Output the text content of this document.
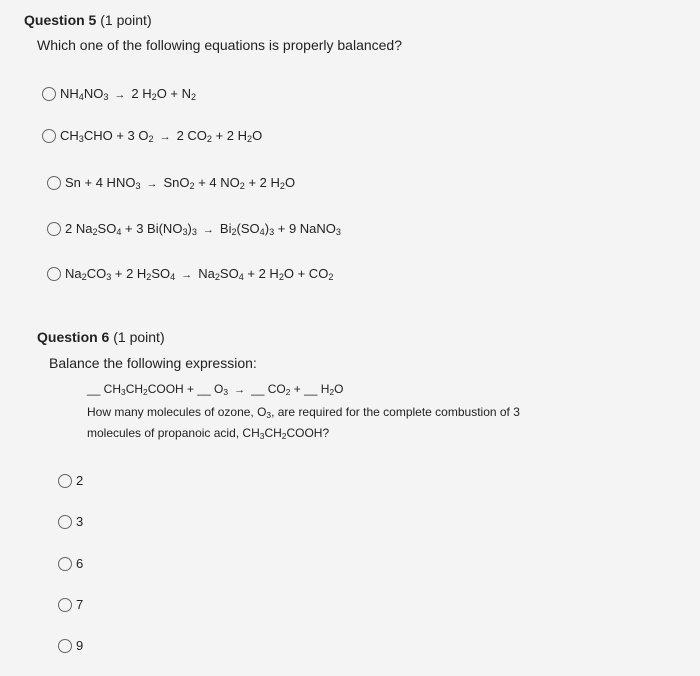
Question 5 (1 point)
Which one of the following equations is properly balanced?
$NH_4NO_3 \to 2$ $H_2O + N_2$
$CH_3CHO + 3$ $O_2 \to 2$ $CO_2 + 2$ $H_2O$
Sn + 4 $HNO_3 \to SnO_2 + 4$ $NO_2 + 2$ $H_2O$
2 $Na_2SO_4 + 3$ $Bi(NO_3)_3 \to Bi_2(SO_4)_3 + 9$ NaNO$_3$
$Na_2CO_3 + 2$ $H_2SO_4 \to Na_2SO_4 + 2$ $H_2O + CO_2$
Question 6 (1 point)
Balance the following expression:
__ $CH_3CH_2COOH$ + __ $O_3$ → __ $CO_2$ + __ $H_2O$
How many molecules of ozone, $O_3$, are required for the complete combustion of 3
molecules of propanoic acid, $CH_3CH_2COOH$?
2
3
6
7
9
